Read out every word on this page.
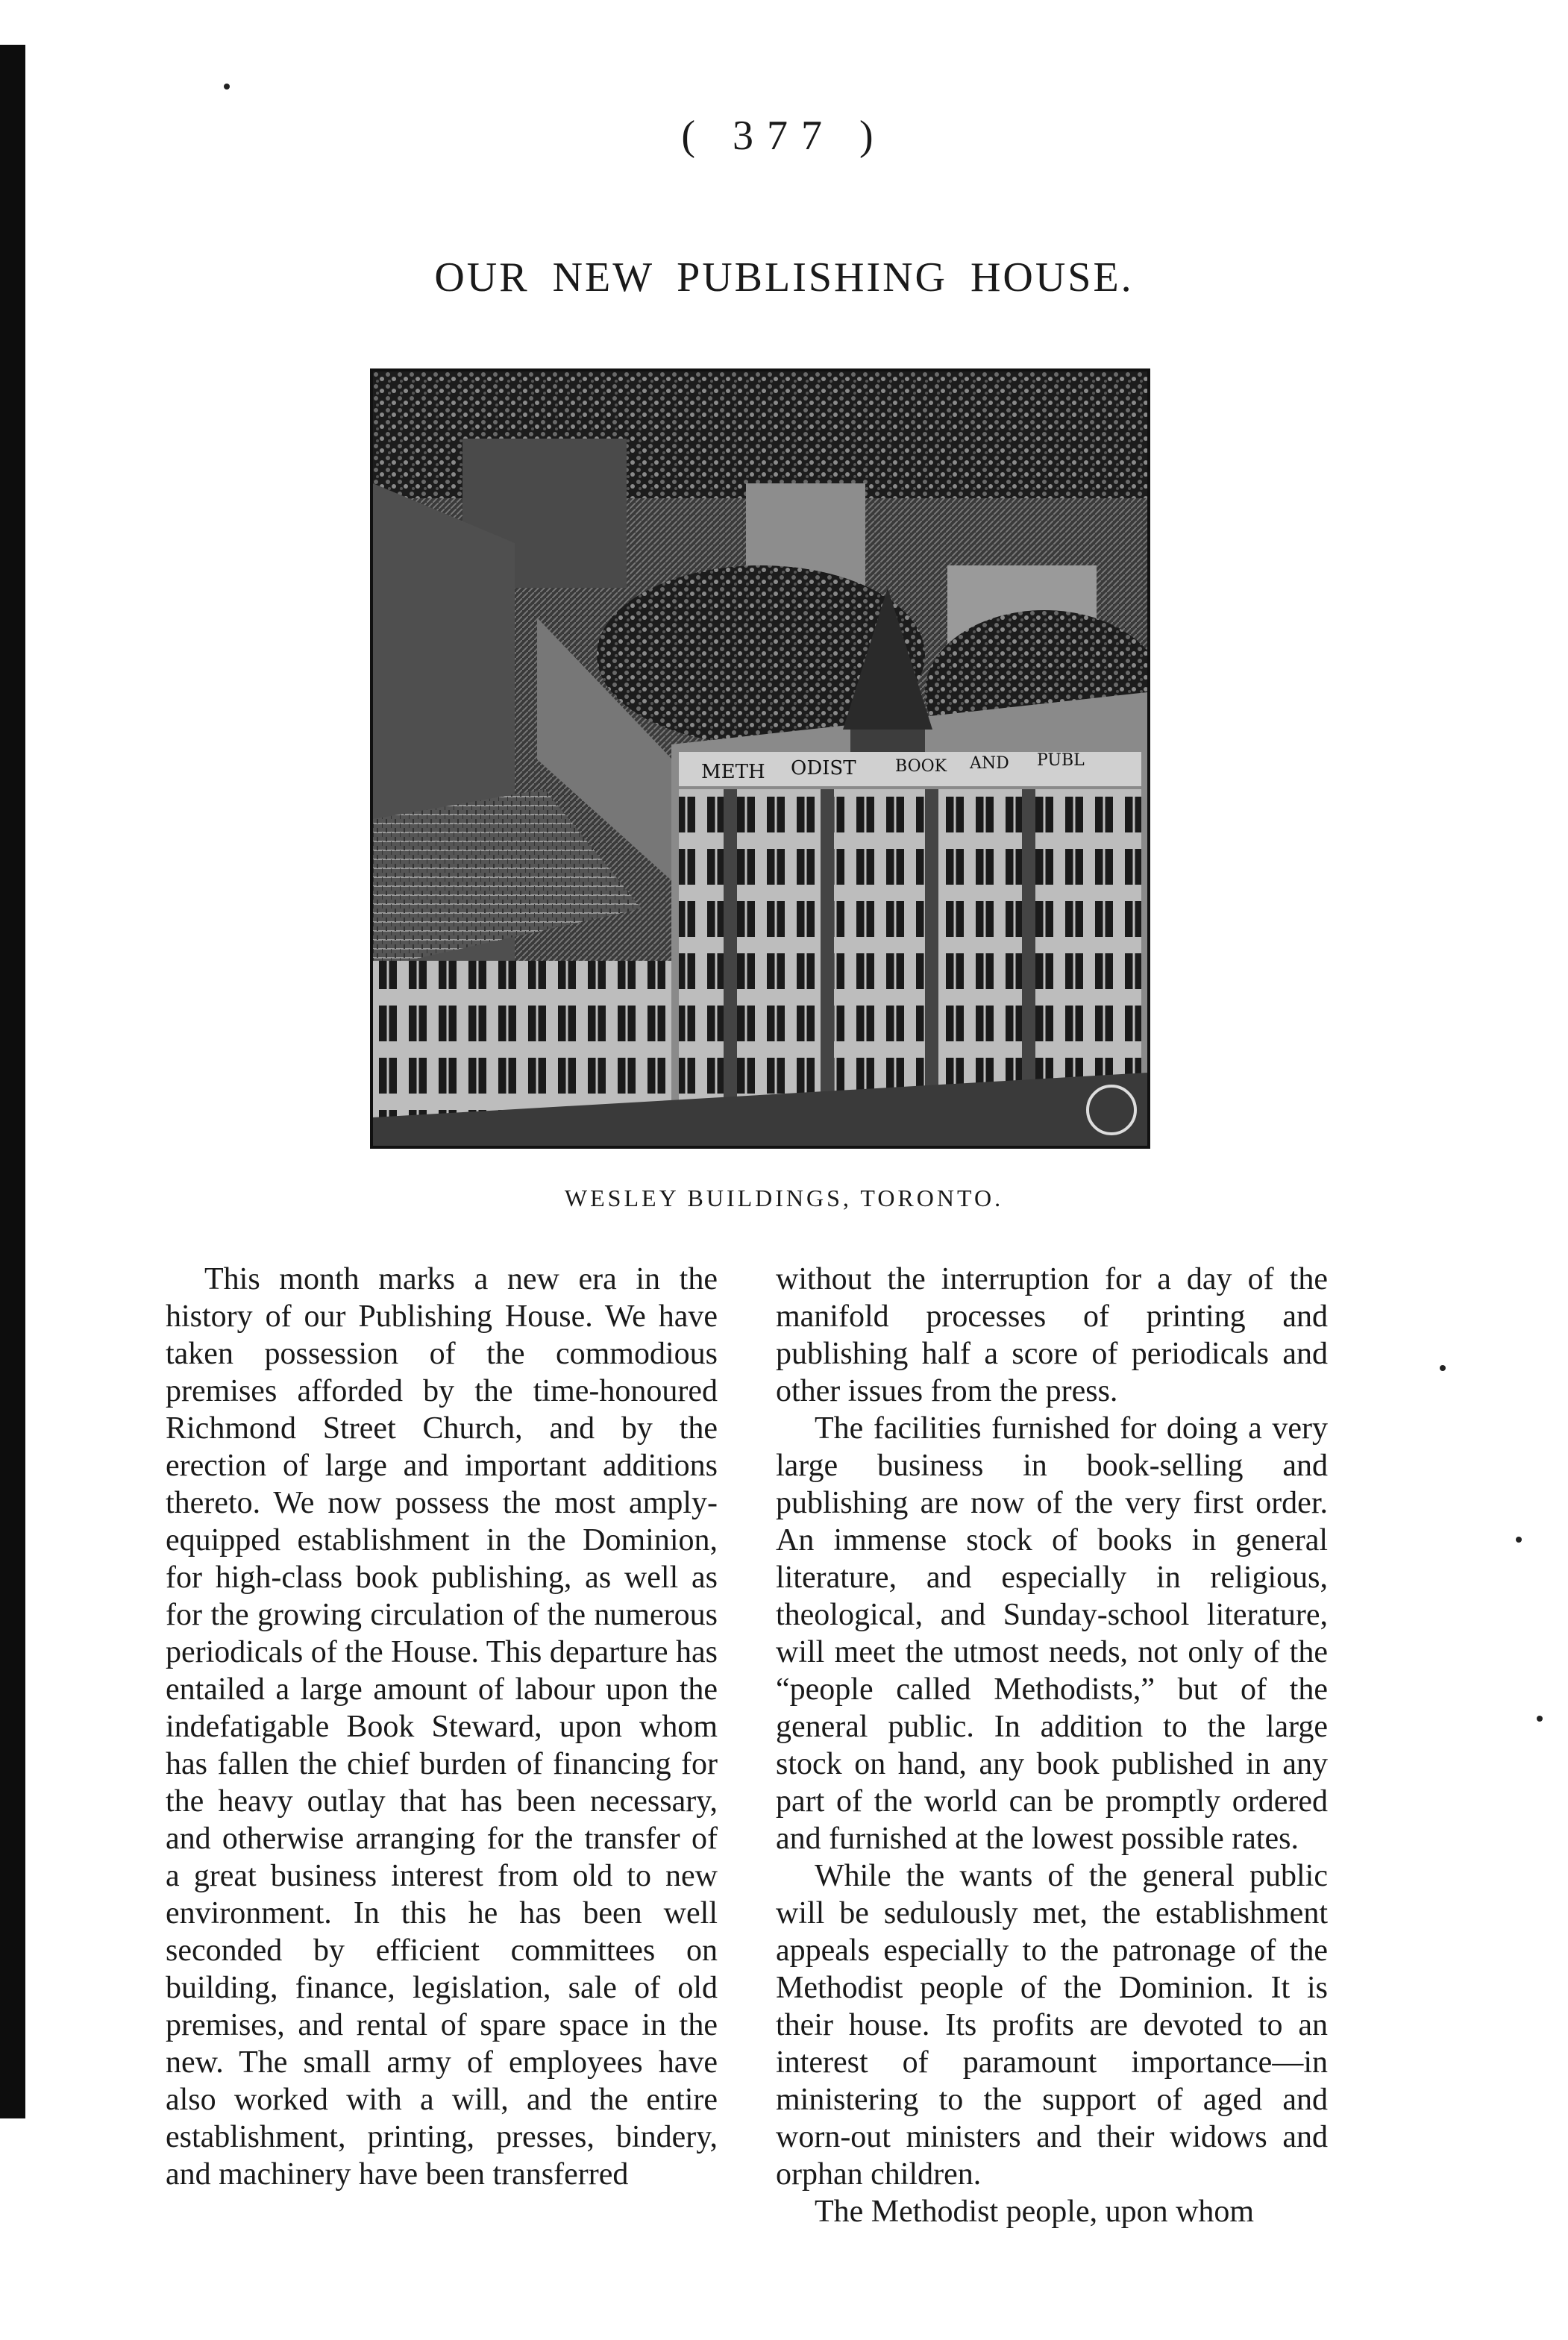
( 377 )
OUR NEW PUBLISHING HOUSE.
METH ODIST BOOK AND PUBL
WESLEY BUILDINGS, TORONTO.

This month marks a new era in the history of our Publishing House. We have taken possession of the commodious premises afforded by the time-honoured Richmond Street Church, and by the erection of large and important additions thereto. We now possess the most amply-equipped establishment in the Dominion, for high-class book publishing, as well as for the growing circulation of the numerous periodicals of the House. This departure has entailed a large amount of labour upon the indefatigable Book Steward, upon whom has fallen the chief burden of financing for the heavy outlay that has been necessary, and otherwise arranging for the transfer of a great business interest from old to new environment. In this he has been well seconded by efficient committees on building, finance, legislation, sale of old premises, and rental of spare space in the new. The small army of employees have also worked with a will, and the entire establishment, printing, presses, bindery, and machinery have been transferred

without the interruption for a day of the manifold processes of printing and publishing half a score of periodicals and other issues from the press.

The facilities furnished for doing a very large business in book-selling and publishing are now of the very first order. An immense stock of books in general literature, and especially in religious, theological, and Sunday-school literature, will meet the utmost needs, not only of the “people called Methodists,” but of the general public. In addition to the large stock on hand, any book published in any part of the world can be promptly ordered and furnished at the lowest possible rates.

While the wants of the general public will be sedulously met, the establishment appeals especially to the patronage of the Methodist people of the Dominion. It is their house. Its profits are devoted to an interest of paramount importance—in ministering to the support of aged and worn-out ministers and their widows and orphan children.

The Methodist people, upon whom
